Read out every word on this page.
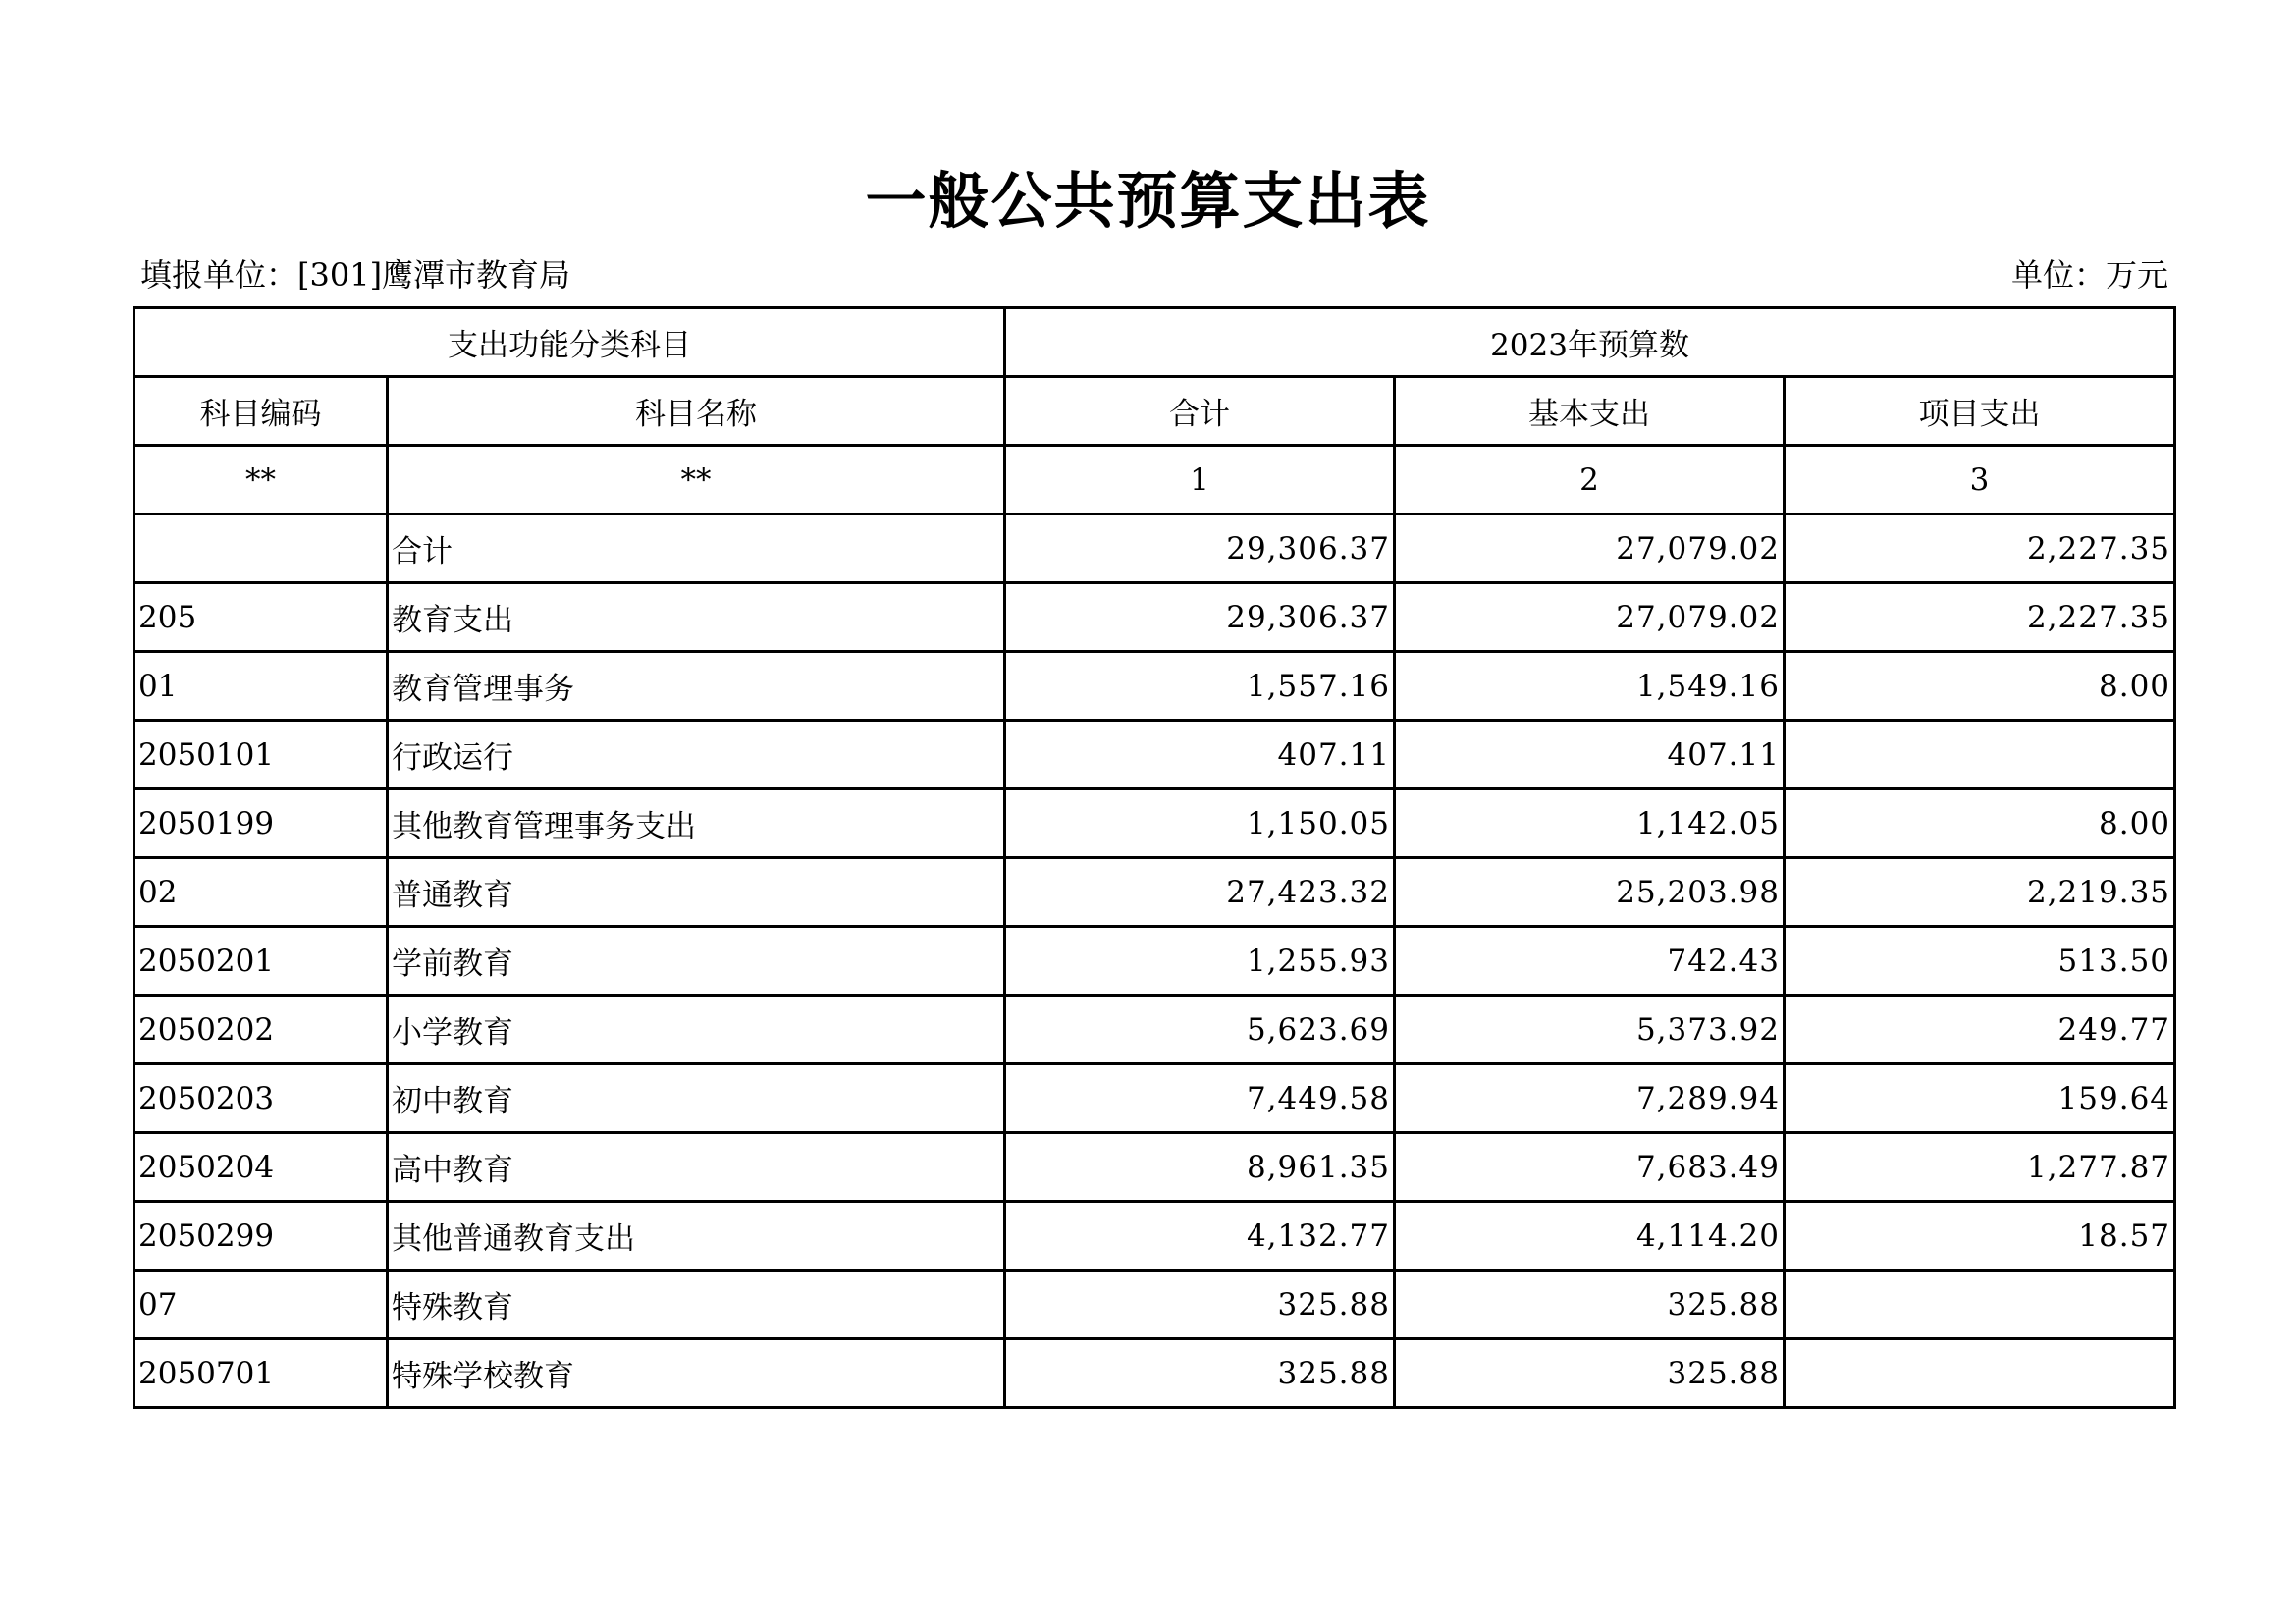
一般公共预算支出表
填报单位：[301]鹰潭市教育局	单位：万元
支出功能分类科目		2023年预算数		
科目编码	科目名称	合计	基本支出	项目支出
**	**	1	2	3
	合计	29,306.37	27,079.02	2,227.35
205	教育支出	29,306.37	27,079.02	2,227.35
01	教育管理事务	1,557.16	1,549.16	8.00
2050101	行政运行	407.11	407.11	
2050199	其他教育管理事务支出	1,150.05	1,142.05	8.00
02	普通教育	27,423.32	25,203.98	2,219.35
2050201	学前教育	1,255.93	742.43	513.50
2050202	小学教育	5,623.69	5,373.92	249.77
2050203	初中教育	7,449.58	7,289.94	159.64
2050204	高中教育	8,961.35	7,683.49	1,277.87
2050299	其他普通教育支出	4,132.77	4,114.20	18.57
07	特殊教育	325.88	325.88	
2050701	特殊学校教育	325.88	325.88	
